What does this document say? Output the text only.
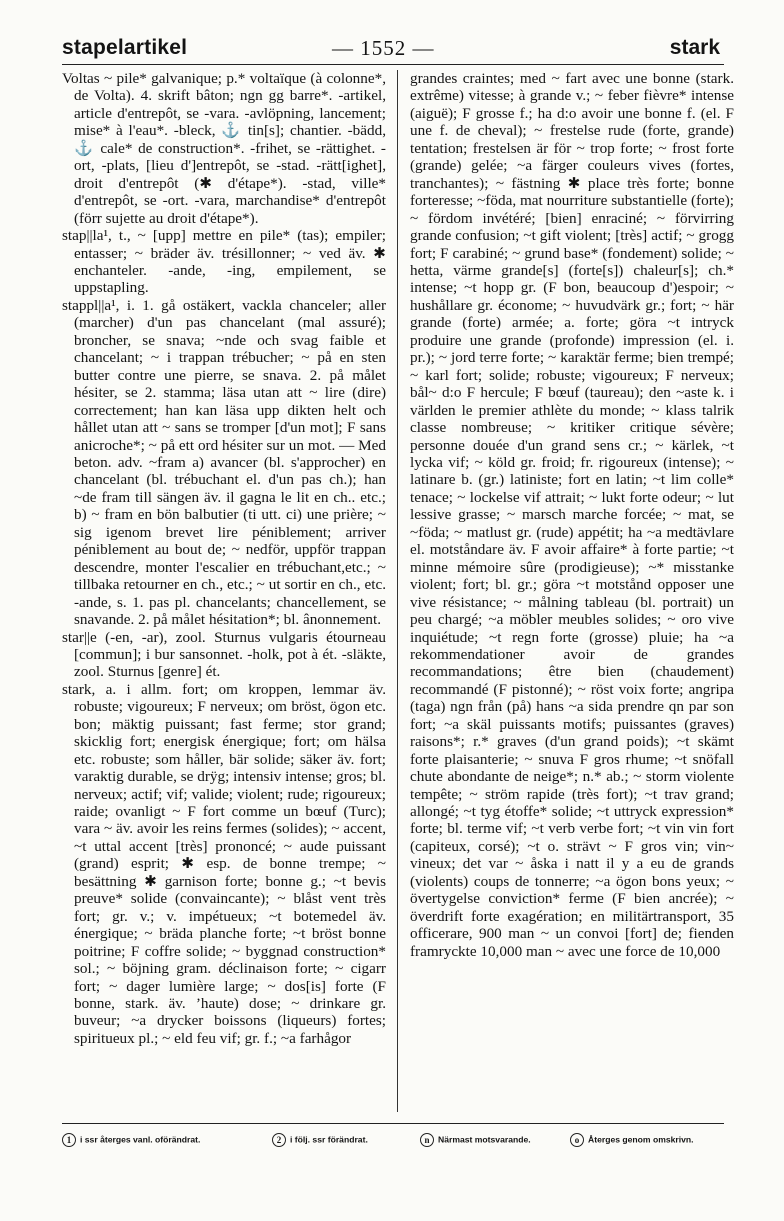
stapelartikel	— 1552 —	stark

Voltas ~ pile* galvanique; p.* voltaïque (à colonne*, de Volta). 4. skrift bâton; ngn gg barre*. -artikel, article d'entrepôt, se -vara. -avlöpning, lancement; mise* à l'eau*. -bleck, ⚓ tin[s]; chantier. -bädd, ⚓ cale* de construction*. -frihet, se -rättighet. -ort, -plats, [lieu d']entrepôt, se -stad. -rätt[ighet], droit d'entrepôt (✱ d'étape*). -stad, ville* d'entrepôt, se -ort. -vara, marchandise* d'entrepôt (förr sujette au droit d'étape*).

stap||la¹, t., ~ [upp] mettre en pile* (tas); empiler; entasser; ~ bräder äv. trésillonner; ~ ved äv. ✱ enchanteler. -ande, -ing, empilement, se uppstapling.

stappl||a¹, i. 1. gå ostäkert, vackla chanceler; aller (marcher) d'un pas chancelant (mal assuré); broncher, se snava; ~nde och svag faible et chancelant; ~ i trappan trébucher; ~ på en sten butter contre une pierre, se snava. 2. på målet hésiter, se 2. stamma; läsa utan att ~ lire (dire) correctement; han kan läsa upp dikten helt och hållet utan att ~ sans se tromper [d'un mot]; F sans anicroche*; ~ på ett ord hésiter sur un mot. — Med beton. adv. ~fram a) avancer (bl. s'approcher) en chancelant (bl. trébuchant el. d'un pas ch.); han ~de fram till sängen äv. il gagna le lit en ch.. etc.; b) ~ fram en bön balbutier (ti utt. ci) une prière; ~ sig igenom brevet lire péniblement; arriver péniblement au bout de; ~ nedför, uppför trappan descendre, monter l'escalier en trébuchant,etc.; ~ tillbaka retourner en ch., etc.; ~ ut sortir en ch., etc. -ande, s. 1. pas pl. chancelants; chancellement, se snavande. 2. på målet hésitation*; bl. ânonnement.

star||e (-en, -ar), zool. Sturnus vulgaris étourneau [commun]; i bur sansonnet. -holk, pot à ét. -släkte, zool. Sturnus [genre] ét.

stark, a. i allm. fort; om kroppen, lemmar äv. robuste; vigoureux; F nerveux; om bröst, ögon etc. bon; mäktig puissant; fast ferme; stor grand; skicklig fort; energisk énergique; fort; om hälsa etc. robuste; som håller, bär solide; säker äv. fort; varaktig durable, se drÿg; intensiv intense; gros; bl. nerveux; actif; vif; valide; violent; rude; rigoureux; raide; ovanligt ~ F fort comme un bœuf (Turc); vara ~ äv. avoir les reins fermes (solides); ~ accent, ~t uttal accent [très] prononcé; ~ aude puissant (grand) esprit; ✱ esp. de bonne trempe; ~ besättning ✱ garnison forte; bonne g.; ~t bevis preuve* solide (convaincante); ~ blåst vent très fort; gr. v.; v. impétueux; ~t botemedel äv. énergique; ~ bräda planche forte; ~t bröst bonne poitrine; F coffre solide; ~ byggnad construction* sol.; ~ böjning gram. déclinaison forte; ~ cigarr fort; ~ dager lumière large; ~ dos[is] forte (F bonne, stark. äv. ’haute) dose; ~ drinkare gr. buveur; ~a drycker boissons (liqueurs) fortes; spiritueux pl.; ~ eld feu vif; gr. f.; ~a farhågor

grandes craintes; med ~ fart avec une bonne (stark. extrême) vitesse; à grande v.; ~ feber fièvre* intense (aiguë); F grosse f.; ha d:o avoir une bonne f. (el. F une f. de cheval); ~ frestelse rude (forte, grande) tentation; frestelsen är för ~ trop forte; ~ frost forte (grande) gelée; ~a färger couleurs vives (fortes, tranchantes); ~ fästning ✱ place très forte; bonne forteresse; ~föda, mat nourriture substantielle (forte); ~ fördom invétéré; [bien] enraciné; ~ förvirring grande confusion; ~t gift violent; [très] actif; ~ grogg fort; F carabiné; ~ grund base* (fondement) solide; ~ hetta, värme grande[s] (forte[s]) chaleur[s]; ch.* intense; ~t hopp gr. (F bon, beaucoup d')espoir; ~ hushållare gr. économe; ~ huvudvärk gr.; fort; ~ här grande (forte) armée; a. forte; göra ~t intryck produire une grande (profonde) impression (el. i. pr.); ~ jord terre forte; ~ karaktär ferme; bien trempé; ~ karl fort; solide; robuste; vigoureux; F nerveux; bål~ d:o F hercule; F bœuf (taureau); den ~aste k. i världen le premier athlète du monde; ~ klass talrik classe nombreuse; ~ kritiker critique sévère; personne douée d'un grand sens cr.; ~ kärlek, ~t lycka vif; ~ köld gr. froid; fr. rigoureux (intense); ~ latinare b. (gr.) latiniste; fort en latin; ~t lim colle* tenace; ~ lockelse vif attrait; ~ lukt forte odeur; ~ lut lessive grasse; ~ marsch marche forcée; ~ mat, se ~föda; ~ matlust gr. (rude) appétit; ha ~a medtävlare el. motståndare äv. F avoir affaire* à forte partie; ~t minne mémoire sûre (prodigieuse); ~* misstanke violent; fort; bl. gr.; göra ~t motstånd opposer une vive résistance; ~ målning tableau (bl. portrait) un peu chargé; ~a möbler meubles solides; ~ oro vive inquiétude; ~t regn forte (grosse) pluie; ha ~a rekommendationer avoir de grandes recommandations; être bien (chaudement) recommandé (F pistonné); ~ röst voix forte; angripa (taga) ngn från (på) hans ~a sida prendre qn par son fort; ~a skäl puissants motifs; puissantes (graves) raisons*; r.* graves (d'un grand poids); ~t skämt forte plaisanterie; ~ snuva F gros rhume; ~t snöfall chute abondante de neige*; n.* ab.; ~ storm violente tempête; ~ ström rapide (très fort); ~t trav grand; allongé; ~t tyg étoffe* solide; ~t uttryck expression* forte; bl. terme vif; ~t verb verbe fort; ~t vin vin fort (capiteux, corsé); ~t o. strävt ~ F gros vin; vin~ vineux; det var ~ åska i natt il y a eu de grands (violents) coups de tonnerre; ~a ögon bons yeux; ~ övertygelse conviction* ferme (F bien ancrée); ~ överdrift forte exagération; en militärtransport, 35 officerare, 900 man ~ un convoi [fort] de; fienden framryckte 10,000 man ~ avec une force de 10,000

1 i ssr återges vanl. oförändrat.	2 i följ. ssr förändrat.	n Närmast motsvarande.	o Återges genom omskrivn.
